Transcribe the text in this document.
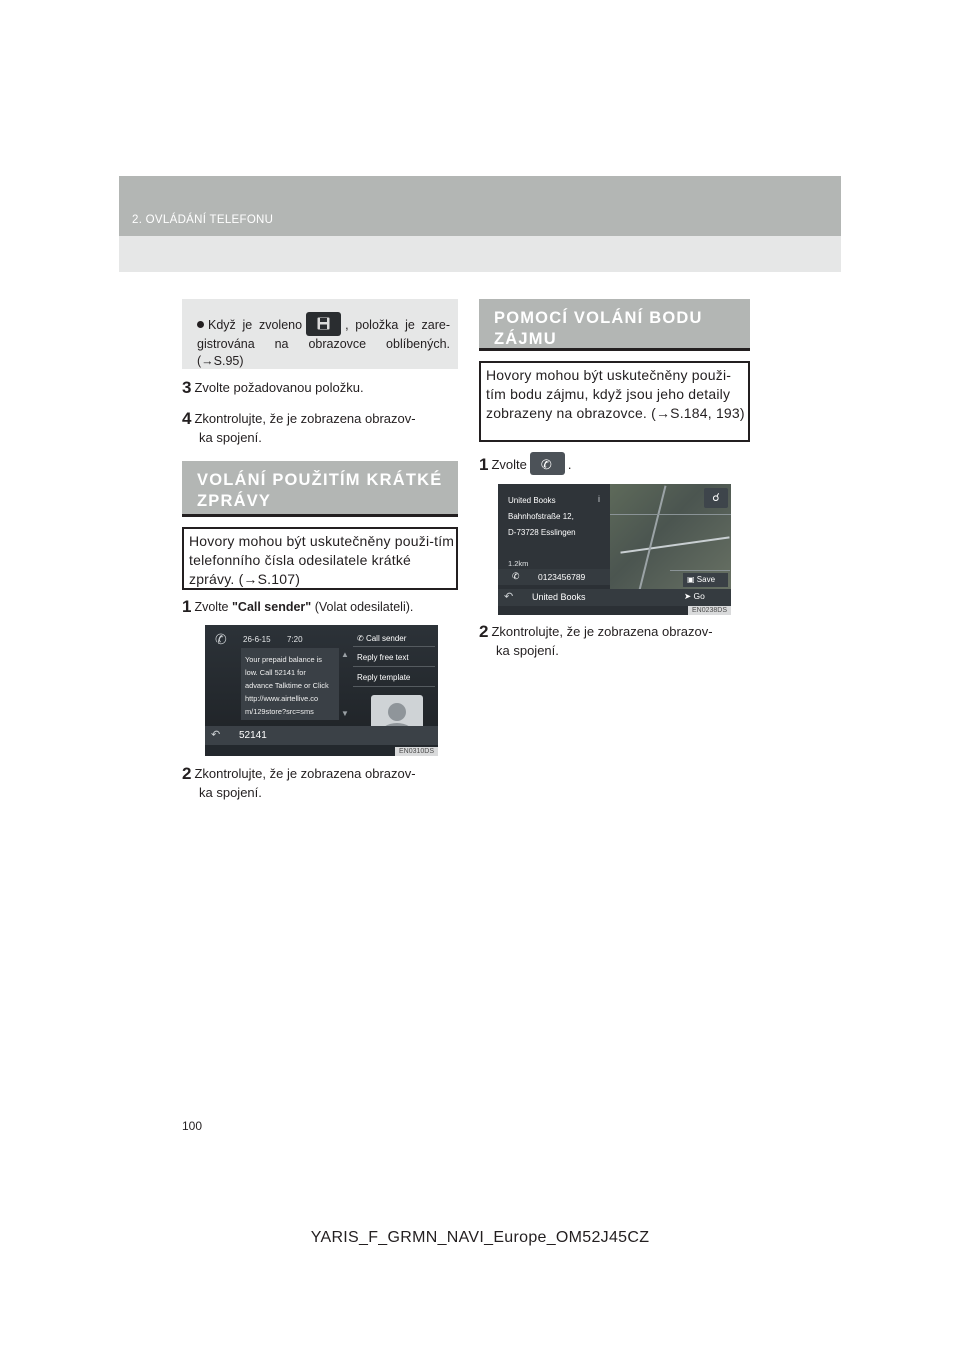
2. OVLÁDÁNÍ TELEFONU

Když je zvoleno	, položka je zare-gistrována na obrazovce oblíbených. (→S.95)

3 Zvolte požadovanou položku.
4 Zkontrolujte, že je zobrazena obrazov-
ka spojení.
VOLÁNÍ POUŽITÍM KRÁTKÉ
ZPRÁVY
Hovory mohou být uskutečněny použi-tím telefonního čísla odesilatele krátké zprávy. (→S.107)
1 Zvolte "Call sender" (Volat odesilateli).
✆ 26-6-15 7:20
Your prepaid balance is
low. Call 52141 for
advance Talktime or Click
http://www.airtellive.co
m/129store?src=sms
▲
▼
✆ Call sender
Reply free text
Reply template
↶ 52141
EN0310DS
2 Zkontrolujte, že je zobrazena obrazov-
ka spojení.
POMOCÍ VOLÁNÍ BODU
ZÁJMU
Hovory mohou být uskutečněny použi-tím bodu zájmu, když jsou jeho detaily zobrazeny na obrazovce. (→S.184, 193)
1 Zvolte ✆ .
☌
United Books
Bahnhofstraße 12,
D-73728 Esslingen
1.2km
i
✆ 0123456789	▣ Save
↶ United Books	➤ Go
EN0238DS
2 Zkontrolujte, že je zobrazena obrazov-
ka spojení.
100
YARIS_F_GRMN_NAVI_Europe_OM52J45CZ
